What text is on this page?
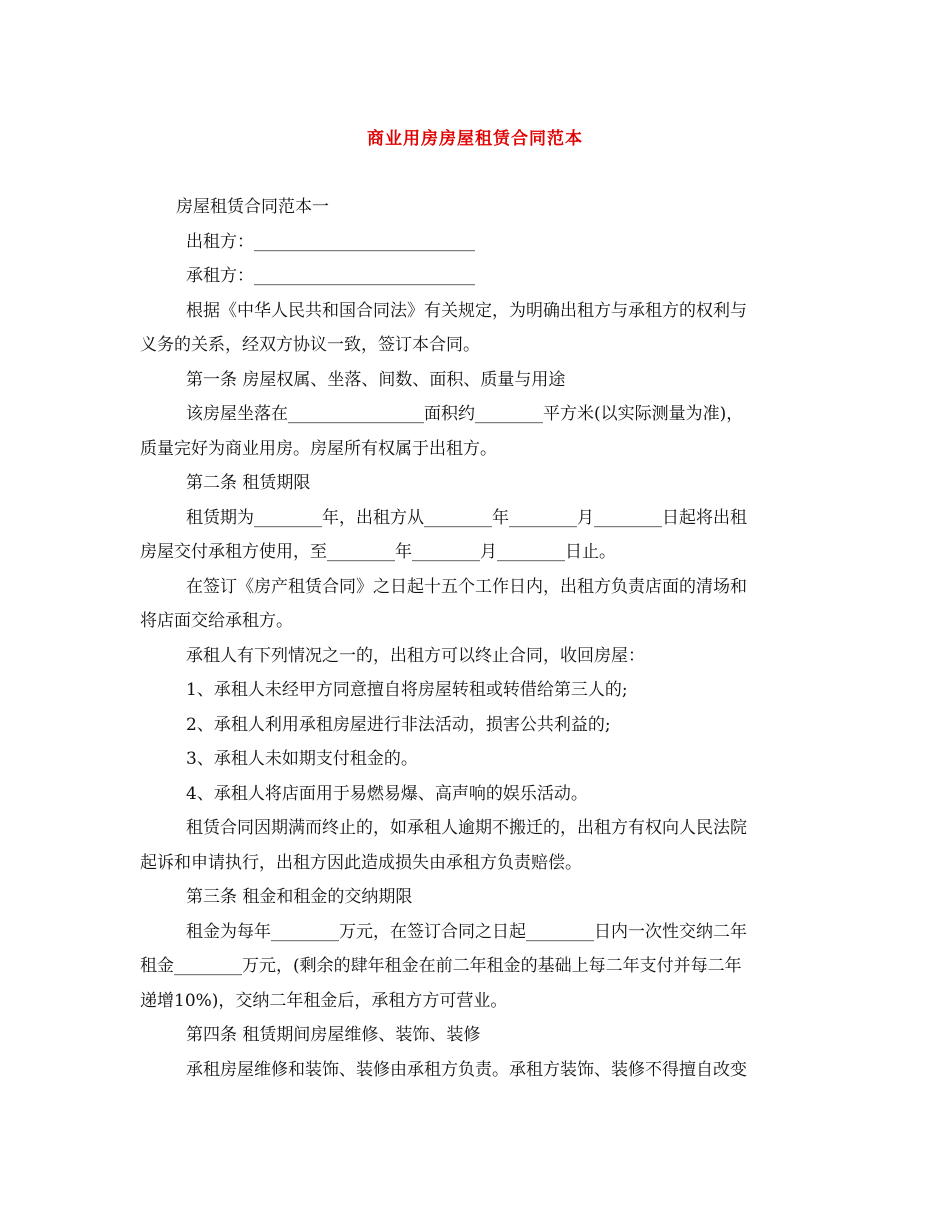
商业用房房屋租赁合同范本
房屋租赁合同范本一
出租方：__________________________
承租方：__________________________
根据《中华人民共和国合同法》有关规定，为明确出租方与承租方的权利与
义务的关系，经双方协议一致，签订本合同。
第一条 房屋权属、坐落、间数、面积、质量与用途
该房屋坐落在________________面积约________平方米(以实际测量为准)，
质量完好为商业用房。房屋所有权属于出租方。
第二条 租赁期限
租赁期为________年，出租方从________年________月________日起将出租
房屋交付承租方使用，至________年________月________日止。
在签订《房产租赁合同》之日起十五个工作日内，出租方负责店面的清场和
将店面交给承租方。
承租人有下列情况之一的，出租方可以终止合同，收回房屋：
1、承租人未经甲方同意擅自将房屋转租或转借给第三人的;
2、承租人利用承租房屋进行非法活动，损害公共利益的;
3、承租人未如期支付租金的。
4、承租人将店面用于易燃易爆、高声响的娱乐活动。
租赁合同因期满而终止的，如承租人逾期不搬迁的，出租方有权向人民法院
起诉和申请执行，出租方因此造成损失由承租方负责赔偿。
第三条 租金和租金的交纳期限
租金为每年________万元，在签订合同之日起________日内一次性交纳二年
租金________万元，(剩余的肆年租金在前二年租金的基础上每二年支付并每二年
递增10%)，交纳二年租金后，承租方方可营业。
第四条 租赁期间房屋维修、装饰、装修
承租房屋维修和装饰、装修由承租方负责。承租方装饰、装修不得擅自改变
